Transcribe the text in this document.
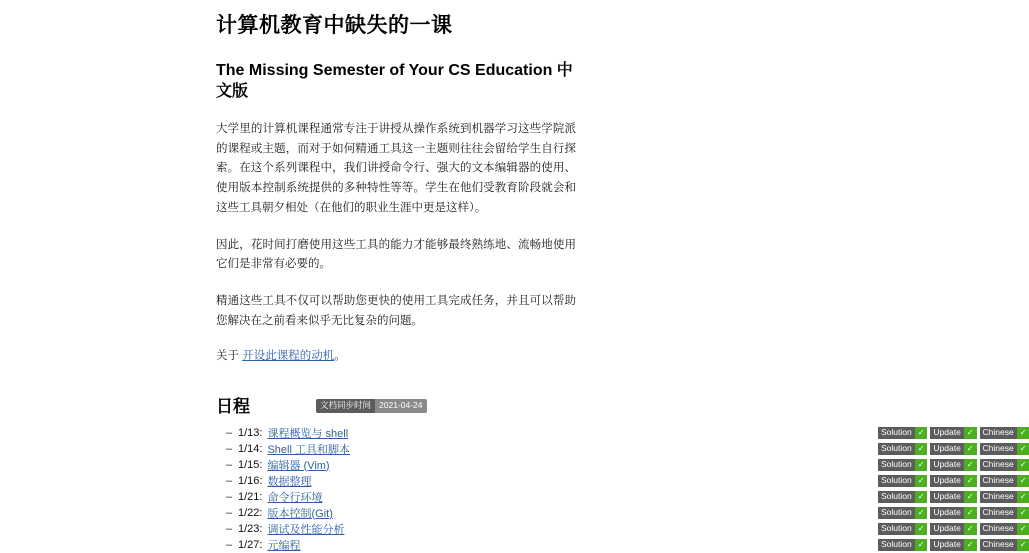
计算机教育中缺失的一课
The Missing Semester of Your CS Education 中文版

大学里的计算机课程通常专注于讲授从操作系统到机器学习这些学院派的课程或主题，而对于如何精通工具这一主题则往往会留给学生自行探索。在这个系列课程中，我们讲授命令行、强大的文本编辑器的使用、使用版本控制系统提供的多种特性等等。学生在他们受教育阶段就会和这些工具朝夕相处（在他们的职业生涯中更是这样）。

因此，花时间打磨使用这些工具的能力才能够最终熟练地、流畅地使用它们是非常有必要的。

精通这些工具不仅可以帮助您更快的使用工具完成任务，并且可以帮助您解决在之前看来似乎无比复杂的问题。

关于 开设此课程的动机。

日程	文档同步时间 2021-04-24
– 1/13: 课程概览与 shell	Solution ✓	Update ✓	Chinese ✓
– 1/14: Shell 工具和脚本	Solution ✓	Update ✓	Chinese ✓
– 1/15: 编辑器 (Vim)	Solution ✓	Update ✓	Chinese ✓
– 1/16: 数据整理	Solution ✓	Update ✓	Chinese ✓
– 1/21: 命令行环境	Solution ✓	Update ✓	Chinese ✓
– 1/22: 版本控制(Git)	Solution ✓	Update ✓	Chinese ✓
– 1/23: 调试及性能分析	Solution ✓	Update ✓	Chinese ✓
– 1/27: 元编程	Solution ✓	Update ✓	Chinese ✓
